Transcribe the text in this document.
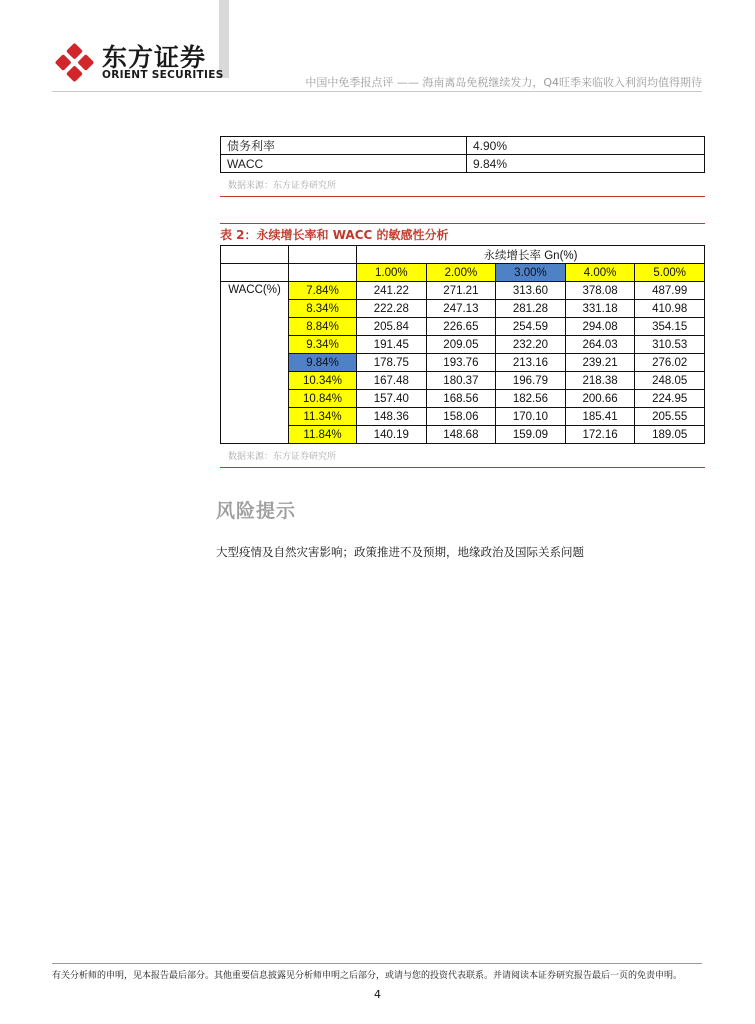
东方证券
ORIENT SECURITIES
中国中免季报点评 —— 海南离岛免税继续发力，Q4旺季来临收入利润均值得期待
债务利率	4.90%
WACC	9.84%
数据来源：东方证券研究所
表 2：永续增长率和 WACC 的敏感性分析
		永续增长率 Gn(%)				
		1.00%	2.00%	3.00%	4.00%	5.00%
WACC(%)	7.84%	241.22	271.21	313.60	378.08	487.99
	8.34%	222.28	247.13	281.28	331.18	410.98
	8.84%	205.84	226.65	254.59	294.08	354.15
	9.34%	191.45	209.05	232.20	264.03	310.53
	9.84%	178.75	193.76	213.16	239.21	276.02
	10.34%	167.48	180.37	196.79	218.38	248.05
	10.84%	157.40	168.56	182.56	200.66	224.95
	11.34%	148.36	158.06	170.10	185.41	205.55
	11.84%	140.19	148.68	159.09	172.16	189.05
数据来源：东方证券研究所
风险提示
大型疫情及自然灾害影响；政策推进不及预期，地缘政治及国际关系问题
有关分析师的申明，见本报告最后部分。其他重要信息披露见分析师申明之后部分，或请与您的投资代表联系。并请阅读本证券研究报告最后一页的免责申明。
4
